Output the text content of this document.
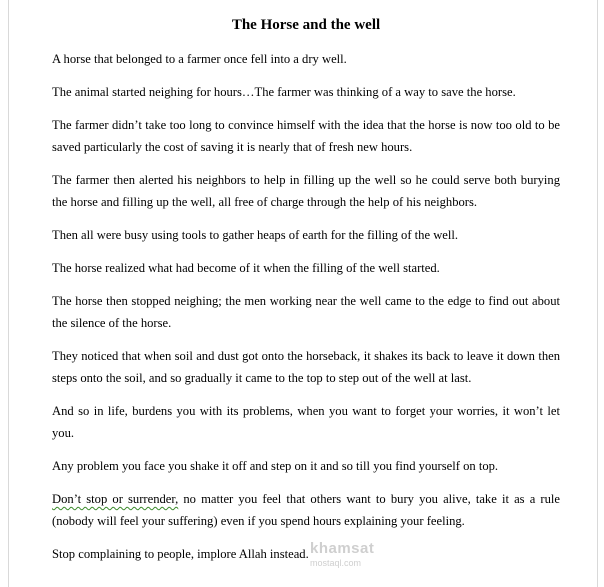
The Horse and the well

A horse that belonged to a farmer once fell into a dry well.

The animal started neighing for hours…The farmer was thinking of a way to save the horse.

The farmer didn’t take too long to convince himself with the idea that the horse is now too old to be saved particularly the cost of saving it is nearly that of fresh new hours.

The farmer then alerted his neighbors to help in filling up the well so he could serve both burying the horse and filling up the well, all free of charge through the help of his neighbors.

Then all were busy using tools to gather heaps of earth for the filling of the well.

The horse realized what had become of it when the filling of the well started.

The horse then stopped neighing; the men working near the well came to the edge to find out about the silence of the horse.

They noticed that when soil and dust got onto the horseback, it shakes its back to leave it down then steps onto the soil, and so gradually it came to the top to step out of the well at last.

And so in life, burdens you with its problems, when you want to forget your worries, it won’t let you.

Any problem you face you shake it off and step on it and so till you find yourself on top.

Don’t stop or surrender, no matter you feel that others want to bury you alive, take it as a rule (nobody will feel your suffering) even if you spend hours explaining your feeling.

Stop complaining to people, implore Allah instead. khamsat
mostaql.com
